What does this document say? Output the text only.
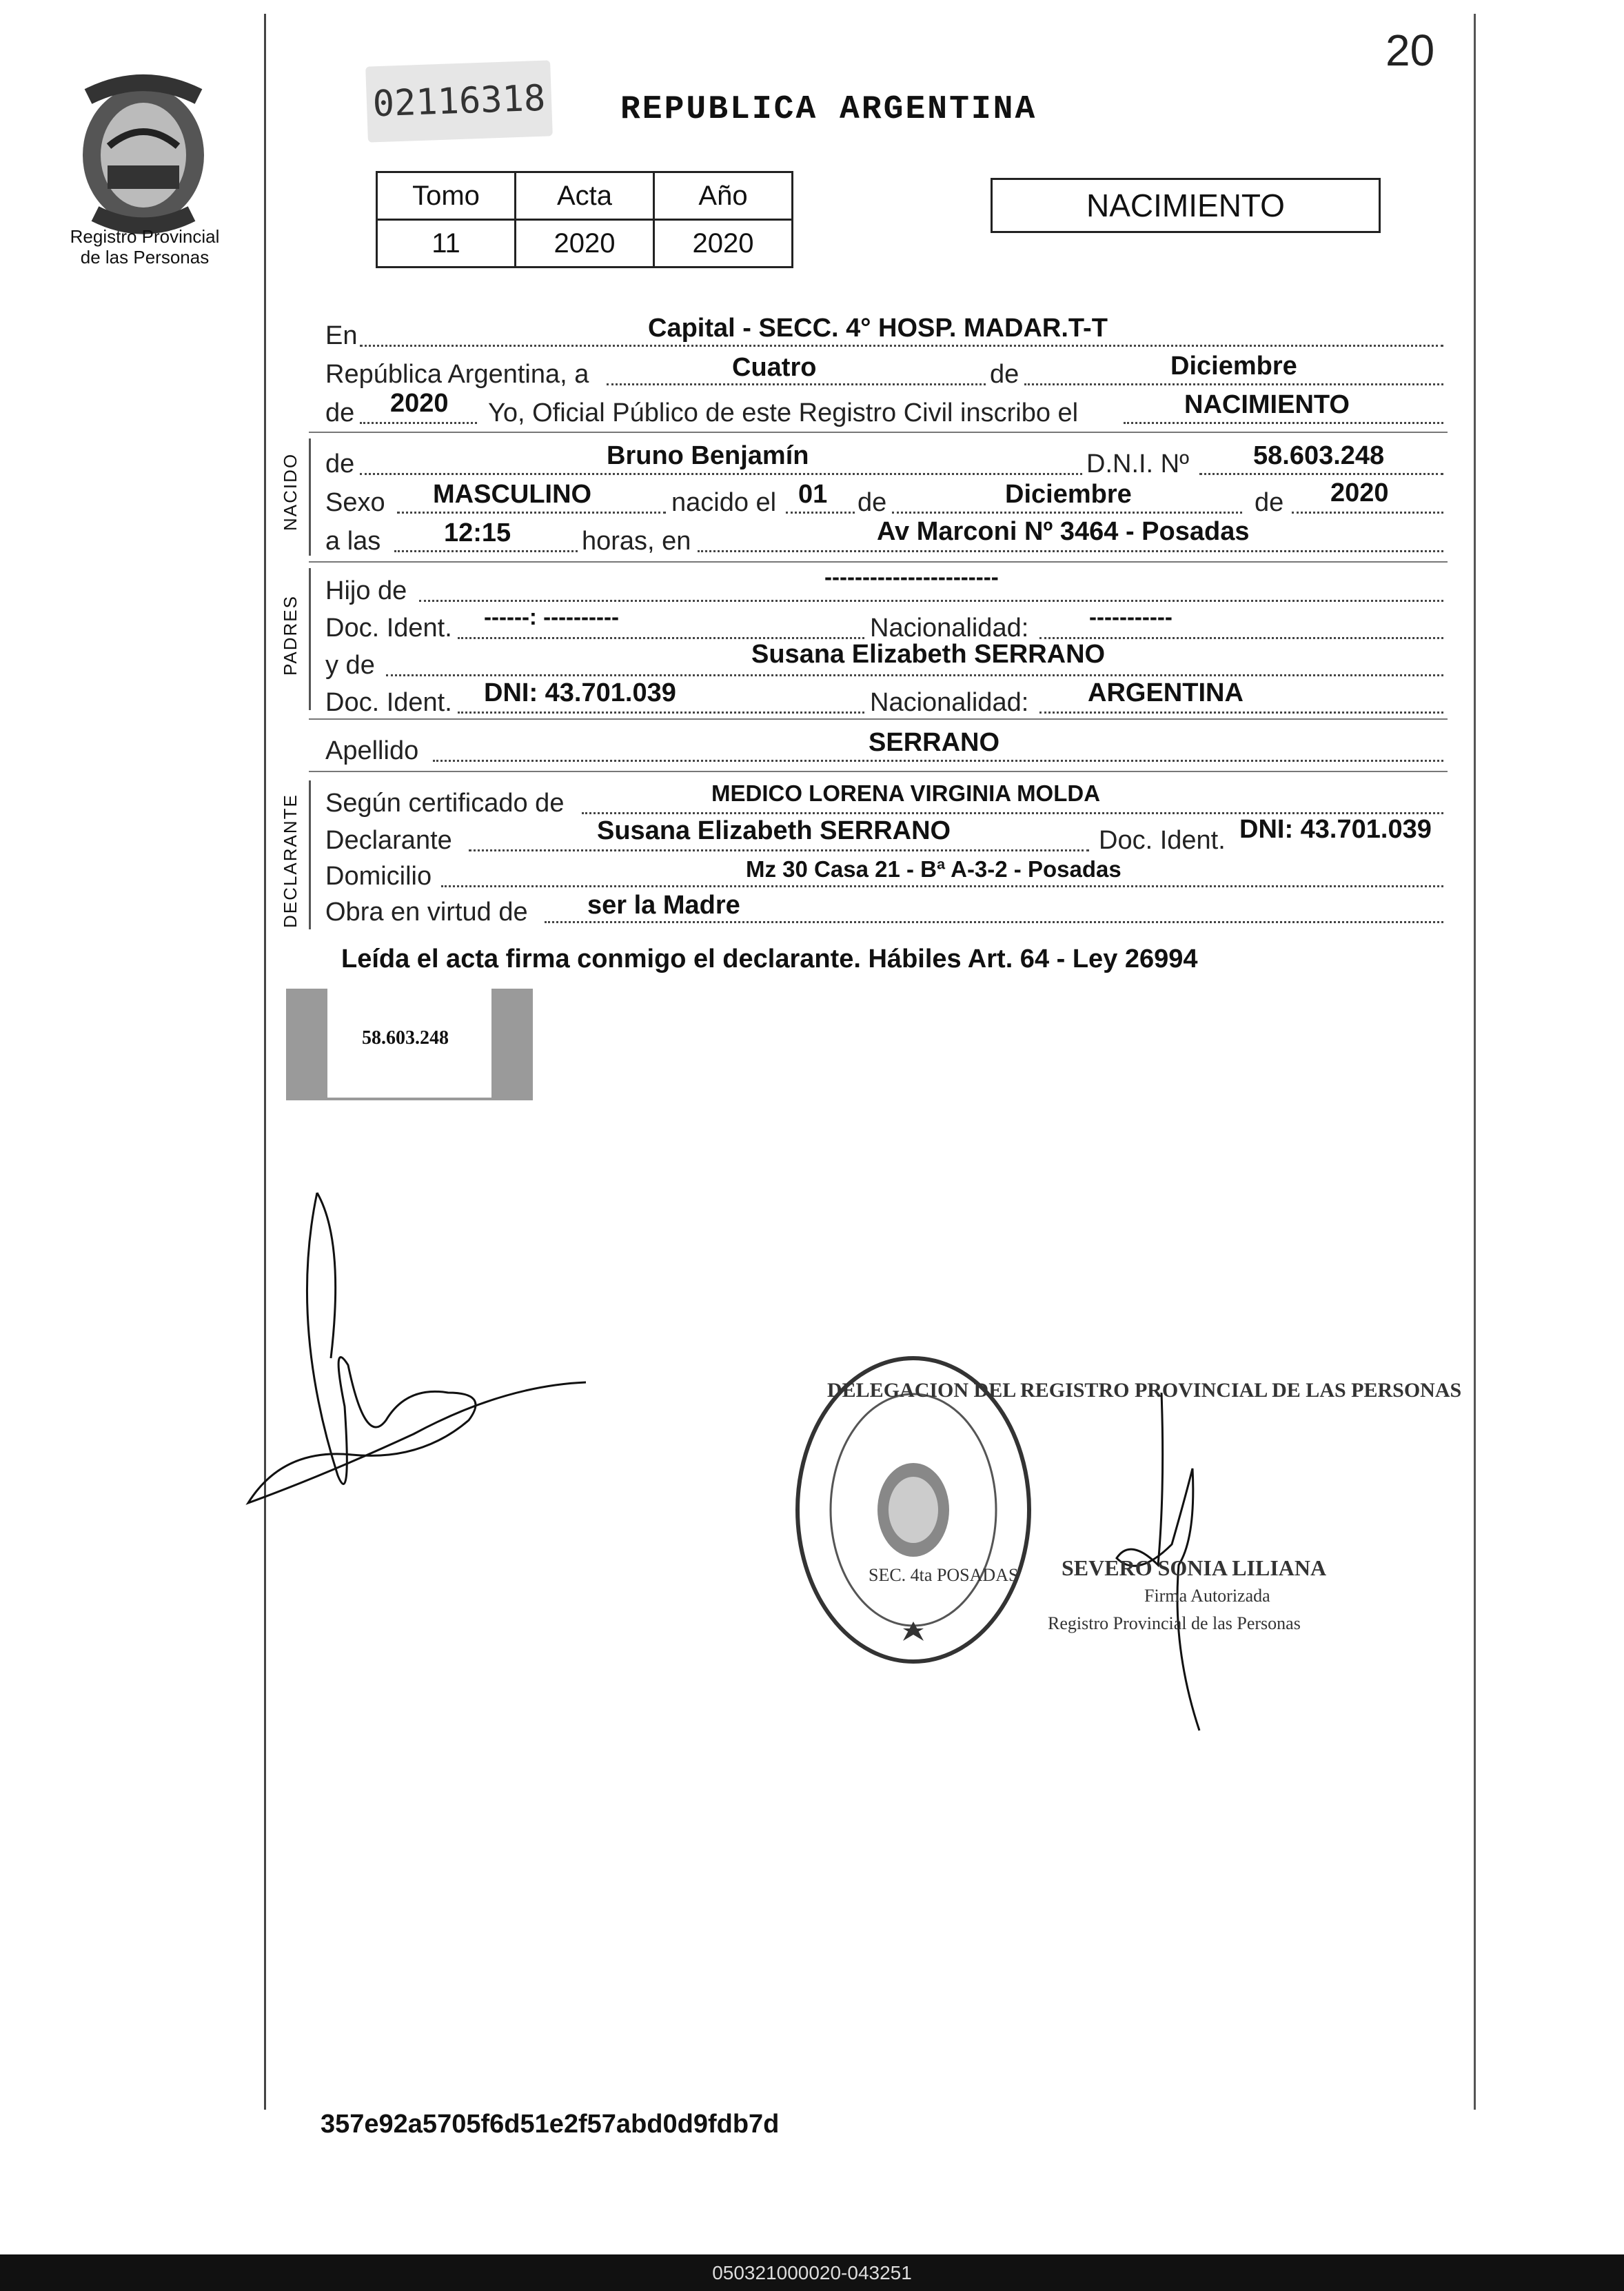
20
Registro Provincial
de las Personas
02116318 REPUBLICA ARGENTINA
Tomo	Acta	Año
11	2020	2020
NACIMIENTO
En	Capital - SECC. 4° HOSP. MADAR.T-T
República Argentina, a	Cuatro	de	Diciembre
de 2020 Yo, Oficial Público de este Registro Civil inscribo el	NACIMIENTO
NACIDO de	Bruno Benjamín	D.N.I. Nº 58.603.248
Sexo MASCULINO	nacido el 01 de	Diciembre	de 2020
a las 12:15	horas, en	Av Marconi Nº 3464 - Posadas
PADRES
Hijo de	-----------------------
Doc. Ident. ------: ----------	Nacionalidad:	-----------
y de	Susana Elizabeth SERRANO
Doc. Ident. DNI: 43.701.039	Nacionalidad: ARGENTINA
Apellido	SERRANO
DECLARANTE Según certificado de	MEDICO LORENA VIRGINIA MOLDA
Declarante	Susana Elizabeth SERRANO	Doc. Ident. DNI: 43.701.039
Domicilio	Mz 30 Casa 21 - Bª A-3-2 - Posadas
Obra en virtud de ser la Madre
Leída el acta firma conmigo el declarante. Hábiles Art. 64 - Ley 26994
58.603.248
DELEGACION DEL REGISTRO PROVINCIAL DE LAS PERSONAS
SEC. 4ta POSADAS SEVERO SONIA LILIANA
Firma Autorizada
Registro Provincial de las Personas
357e92a5705f6d51e2f57abd0d9fdb7d
050321000020-043251
